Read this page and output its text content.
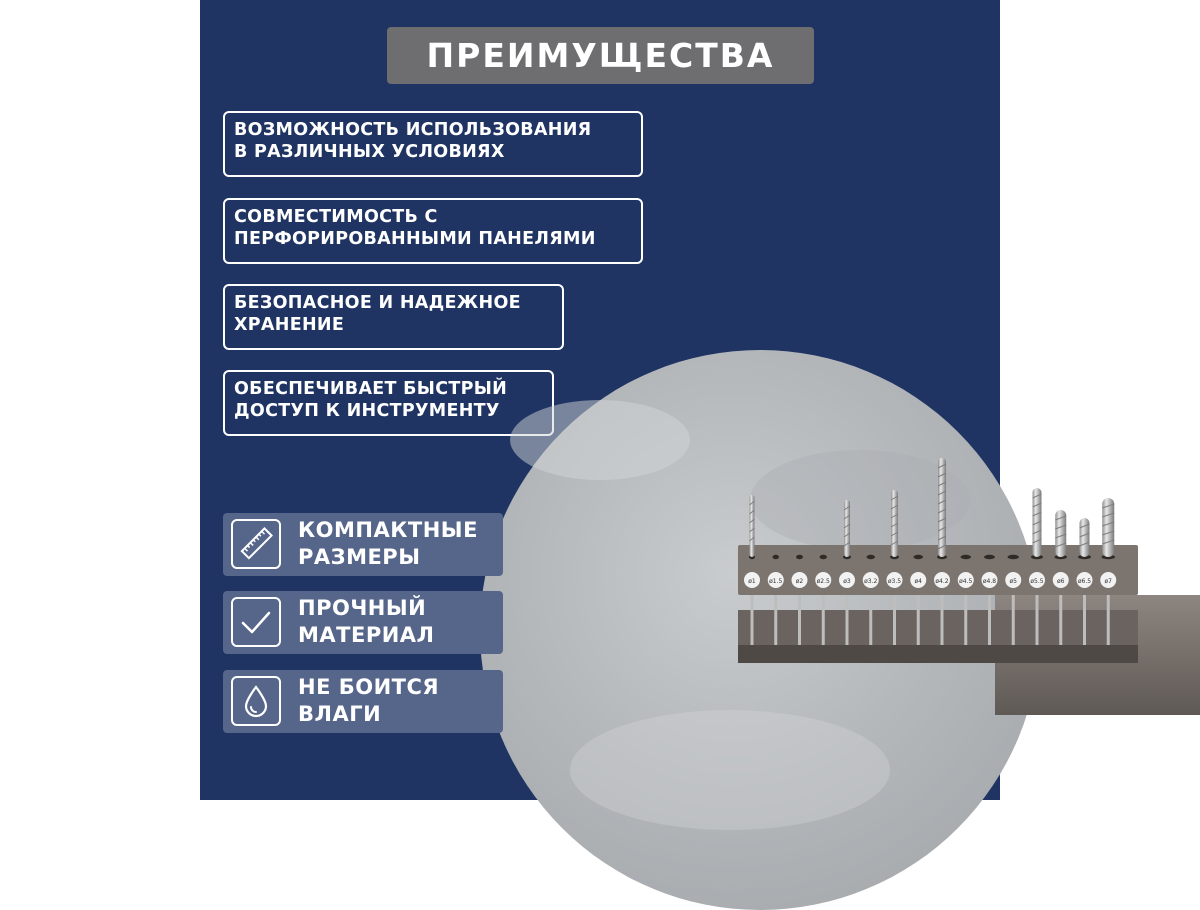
ПРЕИМУЩЕСТВА
ВОЗМОЖНОСТЬ ИСПОЛЬЗОВАНИЯ
В РАЗЛИЧНЫХ УСЛОВИЯХ
СОВМЕСТИМОСТЬ С
ПЕРФОРИРОВАННЫМИ ПАНЕЛЯМИ
БЕЗОПАСНОЕ И НАДЕЖНОЕ
ХРАНЕНИЕ
ОБЕСПЕЧИВАЕТ БЫСТРЫЙ
ДОСТУП К ИНСТРУМЕНТУ
ø1 ø1.5 ø2 ø2.5 ø3 ø3.2 ø3.5 ø4 ø4.2 ø4.5 ø4.8 ø5 ø5.5 ø6 ø6.5 ø7
КОМПАКТНЫЕ
РАЗМЕРЫ
ПРОЧНЫЙ
МАТЕРИАЛ
НЕ БОИТСЯ
ВЛАГИ
